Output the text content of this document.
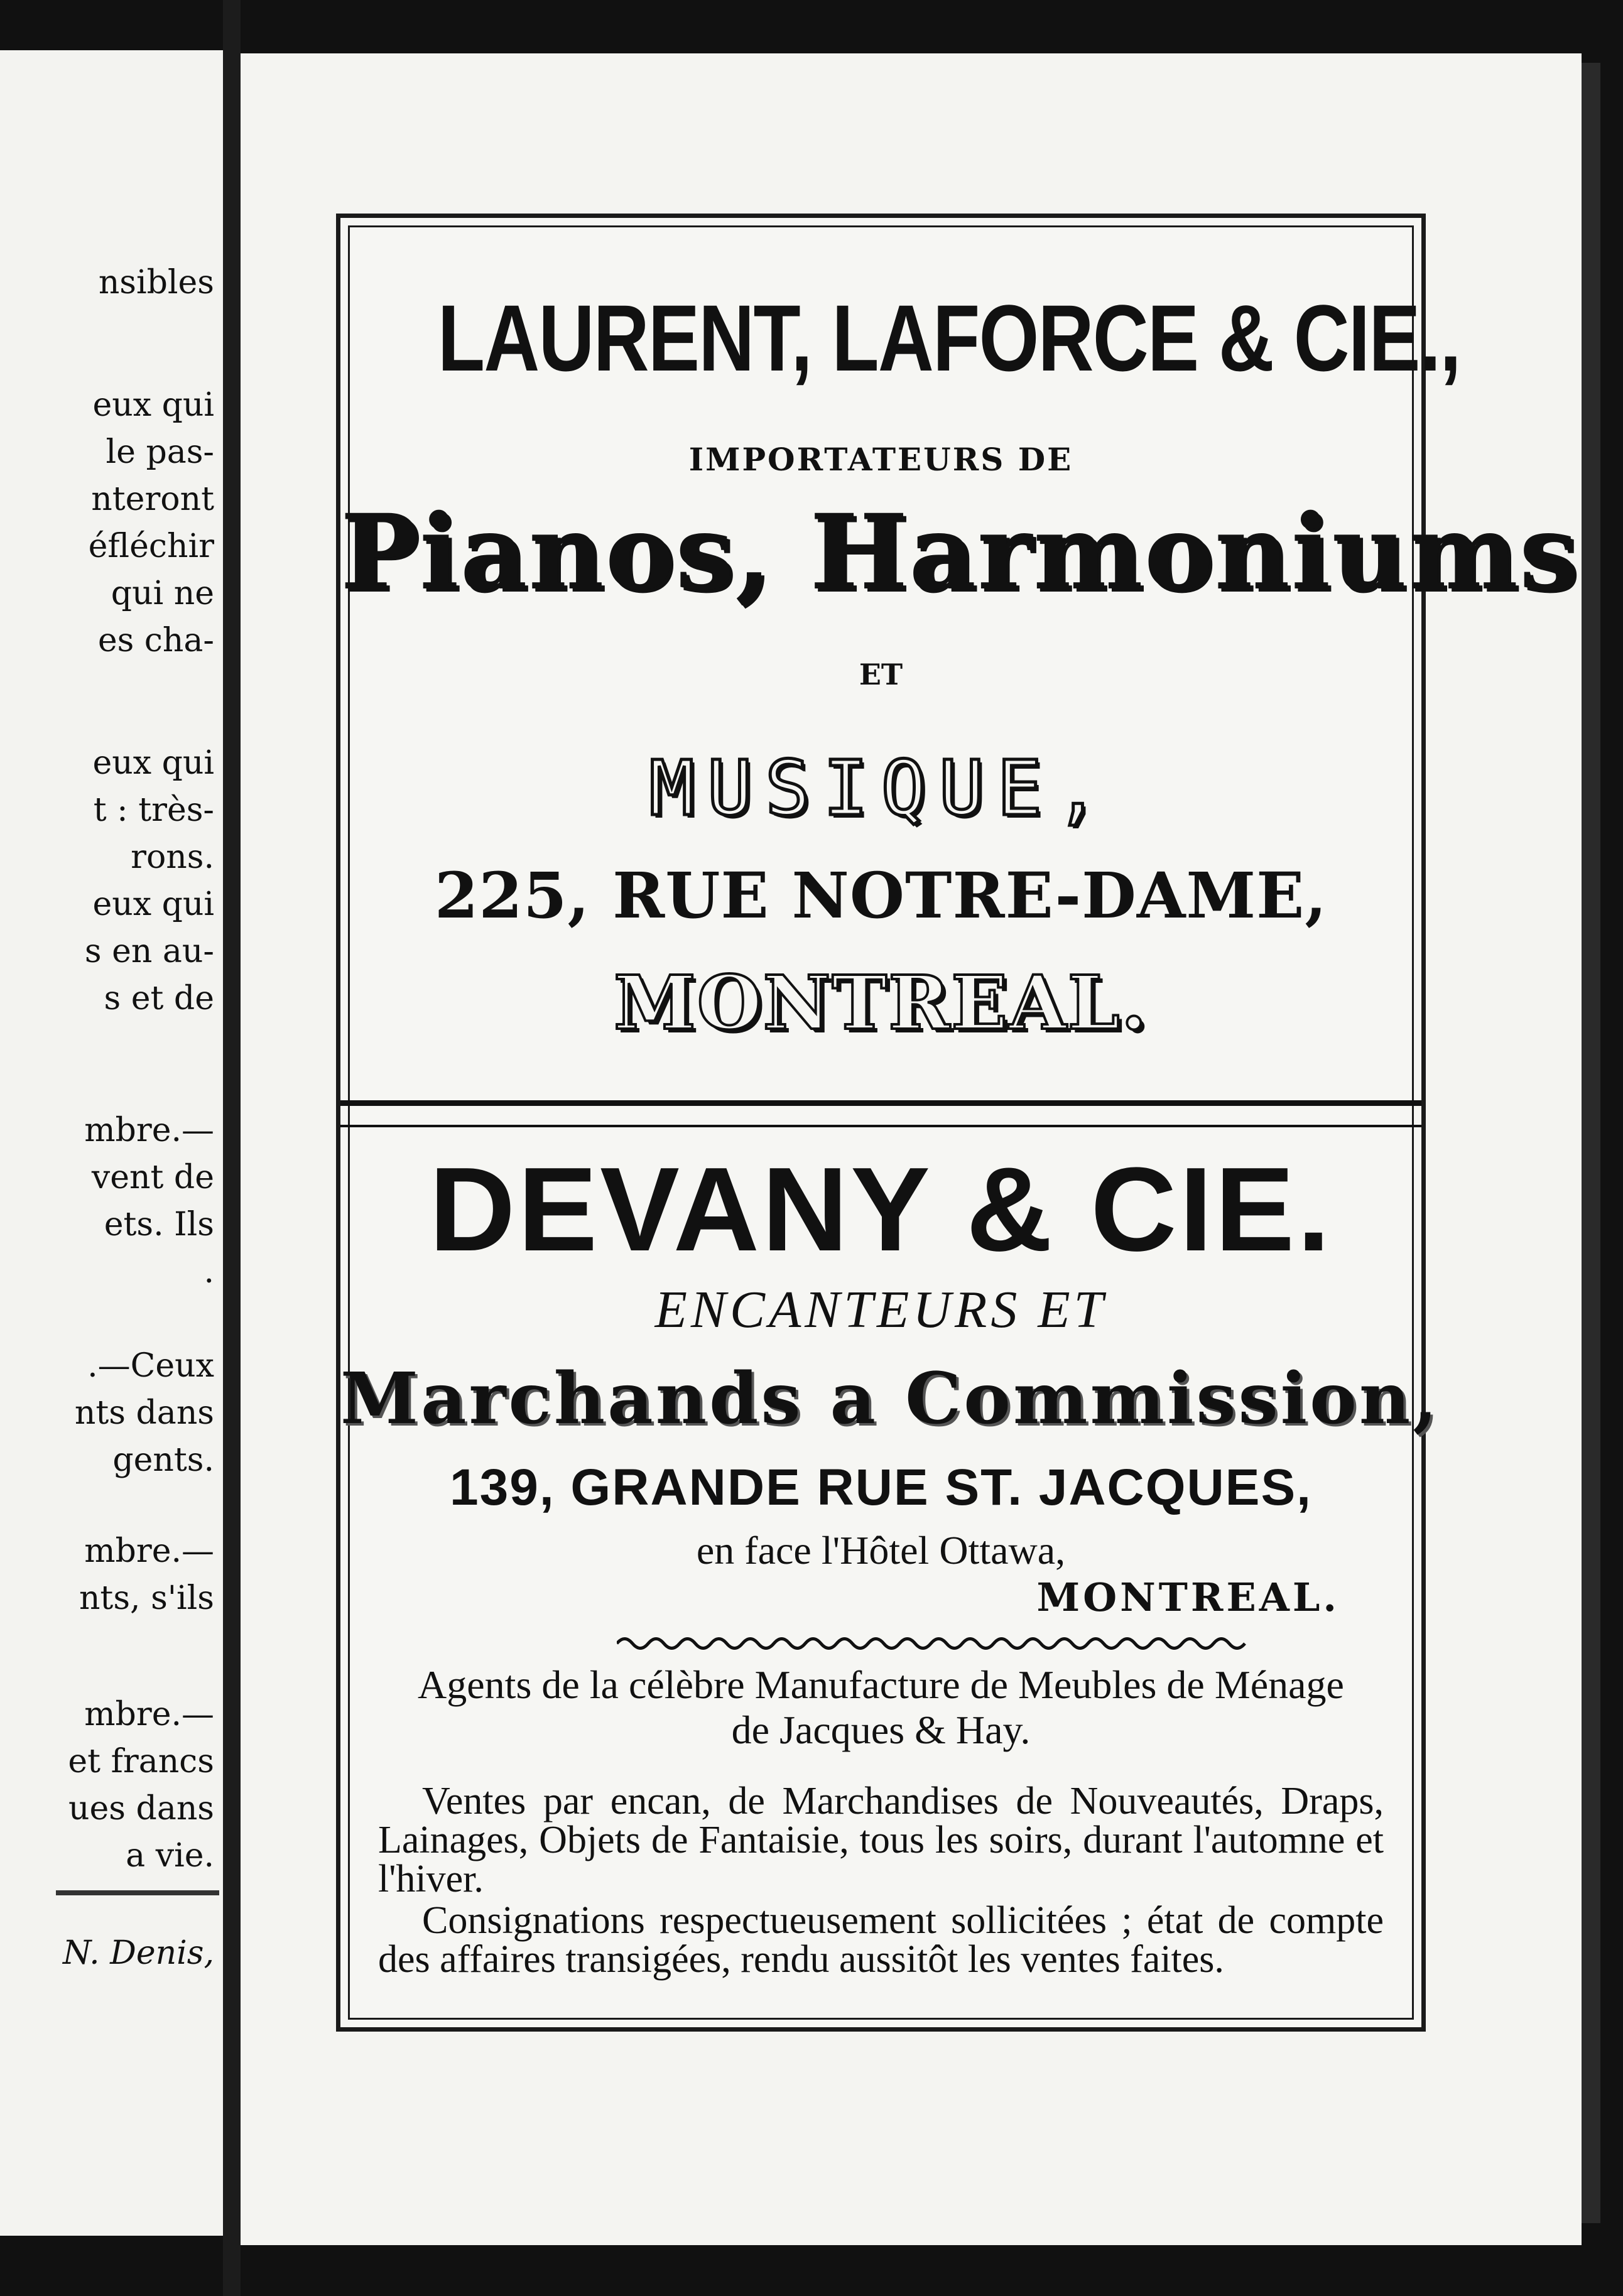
nsibles
eux qui
le pas-
nteront
éfléchir
qui ne
es cha-
eux qui
t : très-
rons.
eux qui
s en au-
s et de
mbre.—
vent de
ets. Ils
.
.—Ceux
nts dans
gents.
mbre.—
nts, s'ils
mbre.—
et francs
ues dans
a vie.
N. Denis,
LAURENT, LAFORCE & CIE.,
IMPORTATEURS DE
Pianos, Harmoniums
ET
MUSIQUE,
225, RUE NOTRE-DAME,
MONTREAL.
DEVANY & CIE.
ENCANTEURS ET
Marchands a Commission,
139, GRANDE RUE ST. JACQUES,
en face l'Hôtel Ottawa,
MONTREAL.
Agents de la célèbre Manufacture de Meubles de Ménage de Jacques & Hay.
Ventes par encan, de Marchandises de Nouveautés, Draps, Lainages, Objets de Fantaisie, tous les soirs, durant l'automne et l'hiver.
Consignations respectueusement sollicitées ; état de compte des affaires transigées, rendu aussitôt les ventes faites.
